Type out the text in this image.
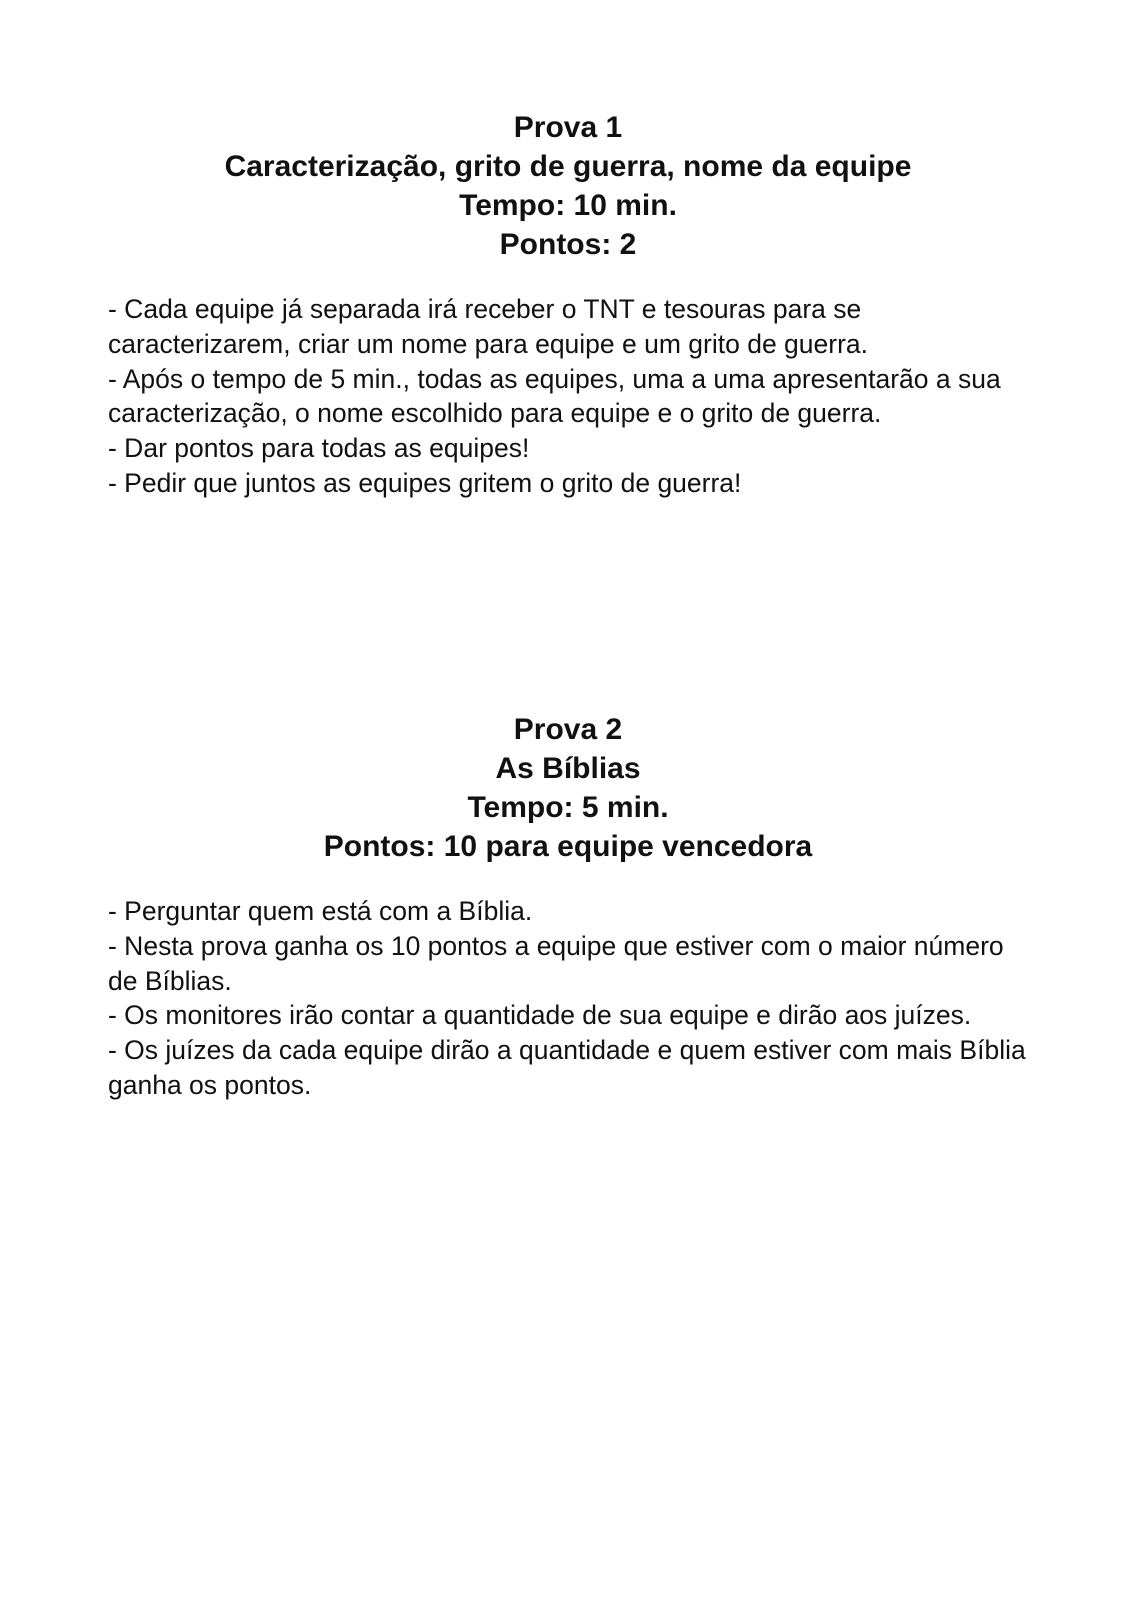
Prova 1
Caracterização, grito de guerra, nome da equipe
Tempo: 10 min.
Pontos: 2

- Cada equipe já separada irá receber o TNT e tesouras para se caracterizarem, criar um nome para equipe e um grito de guerra.

- Após o tempo de 5 min., todas as equipes, uma a uma apresentarão a sua caracterização, o nome escolhido para equipe e o grito de guerra.

- Dar pontos para todas as equipes!

- Pedir que juntos as equipes gritem o grito de guerra!

Prova 2
As Bíblias
Tempo: 5 min.
Pontos: 10 para equipe vencedora

- Perguntar quem está com a Bíblia.

- Nesta prova ganha os 10 pontos a equipe que estiver com o maior número de Bíblias.

- Os monitores irão contar a quantidade de sua equipe e dirão aos juízes.

- Os juízes da cada equipe dirão a quantidade e quem estiver com mais Bíblia ganha os pontos.
